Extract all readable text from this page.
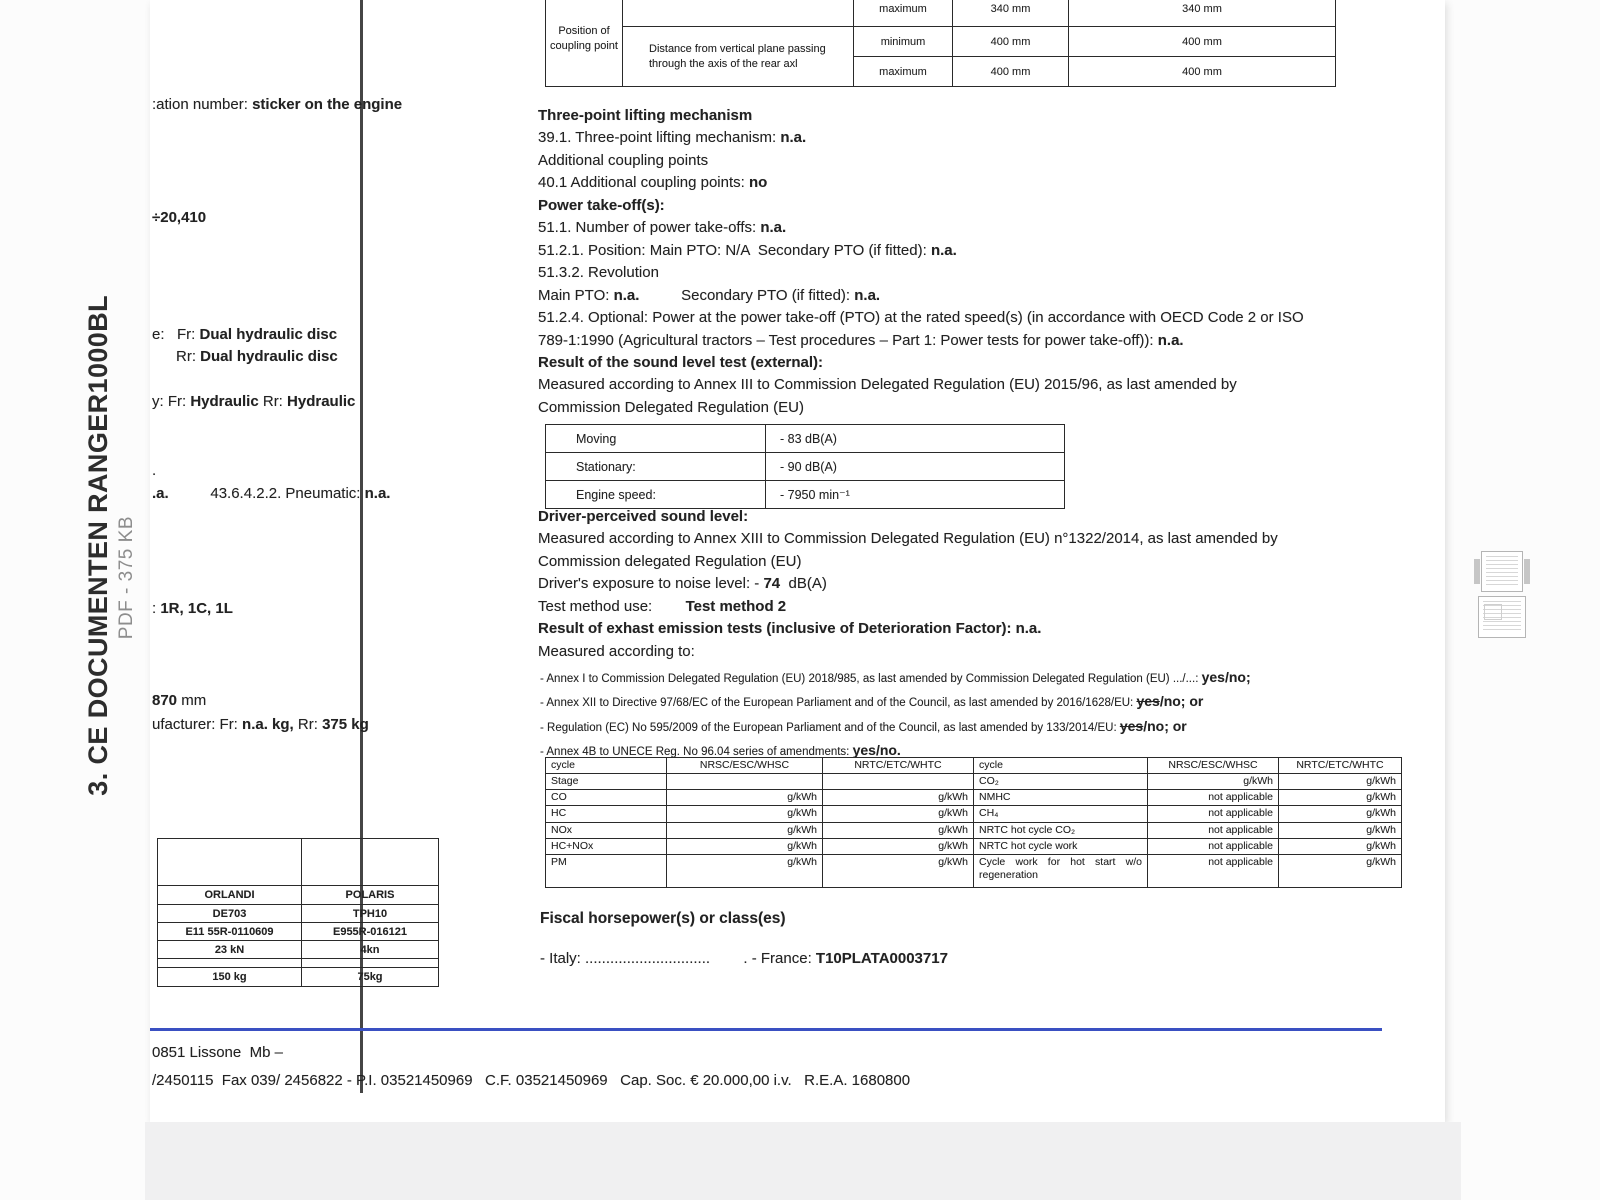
3. CE DOCUMENTEN RANGER1000BL PDF - 375 KB
Position of coupling point		maximum	340 mm	340 mm
	Distance from vertical plane passing through the axis of the rear axl	minimum	400 mm	400 mm
		maximum	400 mm	400 mm
:ation number: sticker on the engine
÷20,410
e:   Fr: Dual hydraulic disc
Rr: Dual hydraulic disc
y: Fr: Hydraulic Rr: Hydraulic
.
.a.          43.6.4.2.2. Pneumatic: n.a.
: 1R, 1C, 1L
870 mm
ufacturer: Fr: n.a. kg, Rr: 375 kg
Three-point lifting mechanism
39.1. Three-point lifting mechanism: n.a.
Additional coupling points
40.1 Additional coupling points: no
Power take-off(s):
51.1. Number of power take-offs: n.a.
51.2.1. Position: Main PTO: N/A  Secondary PTO (if fitted): n.a.
51.3.2. Revolution
Main PTO: n.a.          Secondary PTO (if fitted): n.a.
51.2.4. Optional: Power at the power take-off (PTO) at the rated speed(s) (in accordance with OECD Code 2 or ISO
789-1:1990 (Agricultural tractors – Test procedures – Part 1: Power tests for power take-off)): n.a.
Result of the sound level test (external):
Measured according to Annex III to Commission Delegated Regulation (EU) 2015/96, as last amended by
Commission Delegated Regulation (EU)
Moving	- 83 dB(A)
Stationary:	- 90 dB(A)
Engine speed:	- 7950 min⁻¹
Driver-perceived sound level:
Measured according to Annex XIII to Commission Delegated Regulation (EU) n°1322/2014, as last amended by
Commission delegated Regulation (EU)
Driver's exposure to noise level: - 74  dB(A)
Test method use:        Test method 2
Result of exhast emission tests (inclusive of Deterioration Factor): n.a.
Measured according to:
- Annex I to Commission Delegated Regulation (EU) 2018/985, as last amended by Commission Delegated Regulation (EU) .../...: yes/no;
- Annex XII to Directive 97/68/EC of the European Parliament and of the Council, as last amended by 2016/1628/EU: yes/no; or
- Regulation (EC) No 595/2009 of the European Parliament and of the Council, as last amended by 133/2014/EU: yes/no; or
- Annex 4B to UNECE Reg. No 96.04 series of amendments: yes/no.
cycle	NRSC/ESC/WHSC	NRTC/ETC/WHTC	cycle	NRSC/ESC/WHSC	NRTC/ETC/WHTC
Stage			CO₂	g/kWh	g/kWh
CO	g/kWh	g/kWh	NMHC	not applicable	g/kWh
HC	g/kWh	g/kWh	CH₄	not applicable	g/kWh
NOx	g/kWh	g/kWh	NRTC hot cycle CO₂	not applicable	g/kWh
HC+NOx	g/kWh	g/kWh	NRTC hot cycle work	not applicable	g/kWh
PM	g/kWh	g/kWh	Cycle work for hot start w/o regeneration	not applicable	g/kWh
Fiscal horsepower(s) or class(es)
- Italy: ..............................        . - France: T10PLATA0003717

ORLANDI	POLARIS
DE703	TPH10
E11 55R-0110609	E955R-016121
23 kN	4kn

150 kg	75kg
0851 Lissone  Mb –
/2450115  Fax 039/ 2456822 - P.I. 03521450969   C.F. 03521450969   Cap. Soc. € 20.000,00 i.v.   R.E.A. 1680800
